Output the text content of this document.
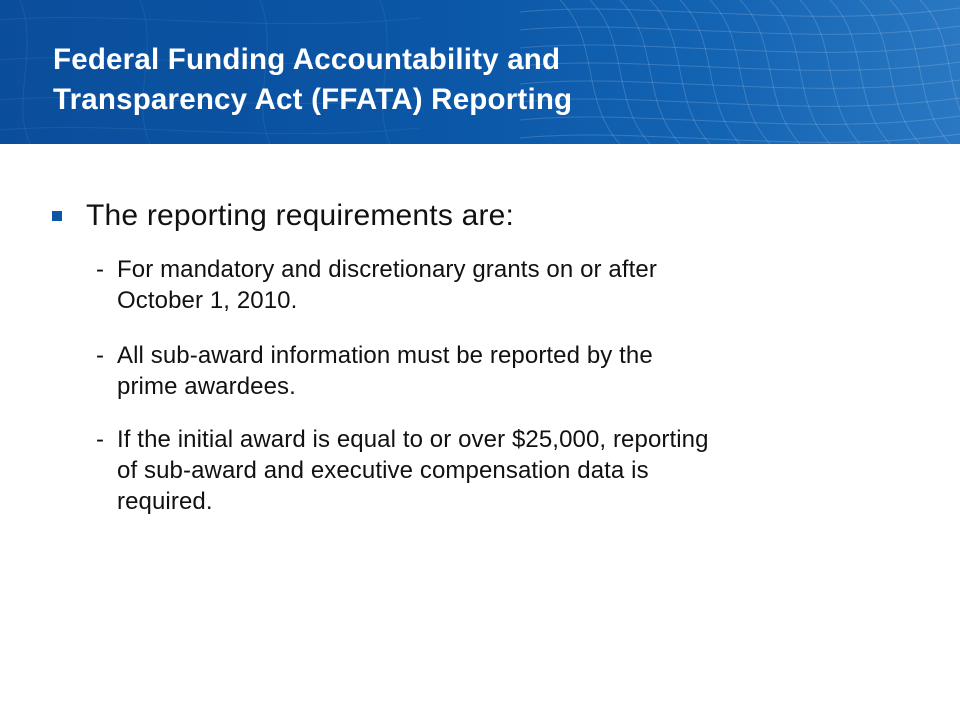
Federal Funding Accountability and
Transparency Act (FFATA) Reporting
The reporting requirements are:
- For mandatory and discretionary grants on or after
October 1, 2010.
- All sub-award information must be reported by the
prime awardees.
- If the initial award is equal to or over $25,000, reporting
of sub-award and executive compensation data is
required.
